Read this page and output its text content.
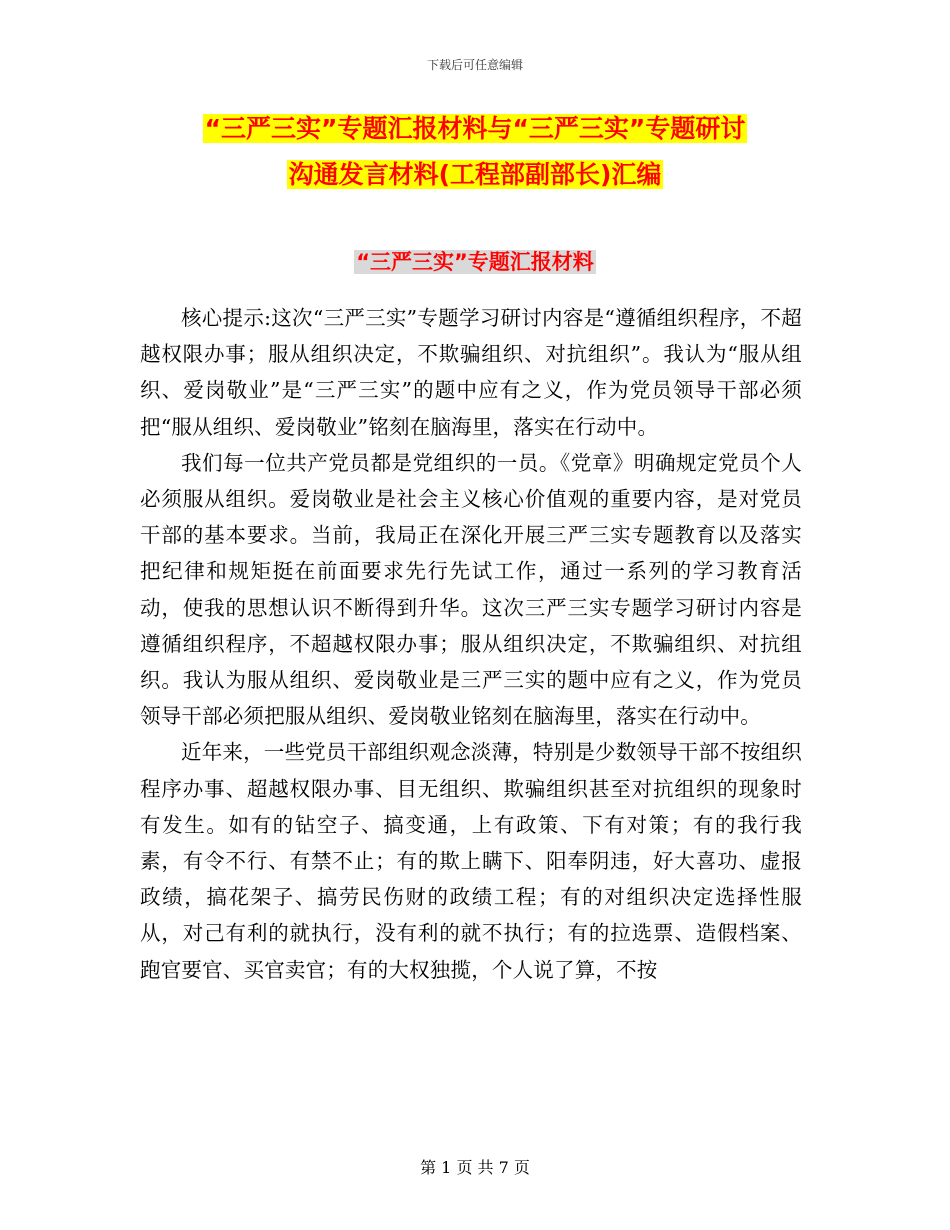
下载后可任意编辑
“三严三实”专题汇报材料与“三严三实”专题研讨
沟通发言材料(工程部副部长)汇编
“三严三实”专题汇报材料

核心提示:这次“三严三实”专题学习研讨内容是“遵循组织程序，不超越权限办事；服从组织决定，不欺骗组织、对抗组织”。我认为“服从组织、爱岗敬业”是“三严三实”的题中应有之义，作为党员领导干部必须把“服从组织、爱岗敬业”铭刻在脑海里，落实在行动中。

我们每一位共产党员都是党组织的一员。《党章》明确规定党员个人必须服从组织。爱岗敬业是社会主义核心价值观的重要内容，是对党员干部的基本要求。当前，我局正在深化开展三严三实专题教育以及落实把纪律和规矩挺在前面要求先行先试工作，通过一系列的学习教育活动，使我的思想认识不断得到升华。这次三严三实专题学习研讨内容是遵循组织程序，不超越权限办事；服从组织决定，不欺骗组织、对抗组织。我认为服从组织、爱岗敬业是三严三实的题中应有之义，作为党员领导干部必须把服从组织、爱岗敬业铭刻在脑海里，落实在行动中。

近年来，一些党员干部组织观念淡薄，特别是少数领导干部不按组织程序办事、超越权限办事、目无组织、欺骗组织甚至对抗组织的现象时有发生。如有的钻空子、搞变通，上有政策、下有对策；有的我行我素，有令不行、有禁不止；有的欺上瞒下、阳奉阴违，好大喜功、虚报政绩，搞花架子、搞劳民伤财的政绩工程；有的对组织决定选择性服从，对己有利的就执行，没有利的就不执行；有的拉选票、造假档案、跑官要官、买官卖官；有的大权独揽，个人说了算，不按

第 1 页 共 7 页
